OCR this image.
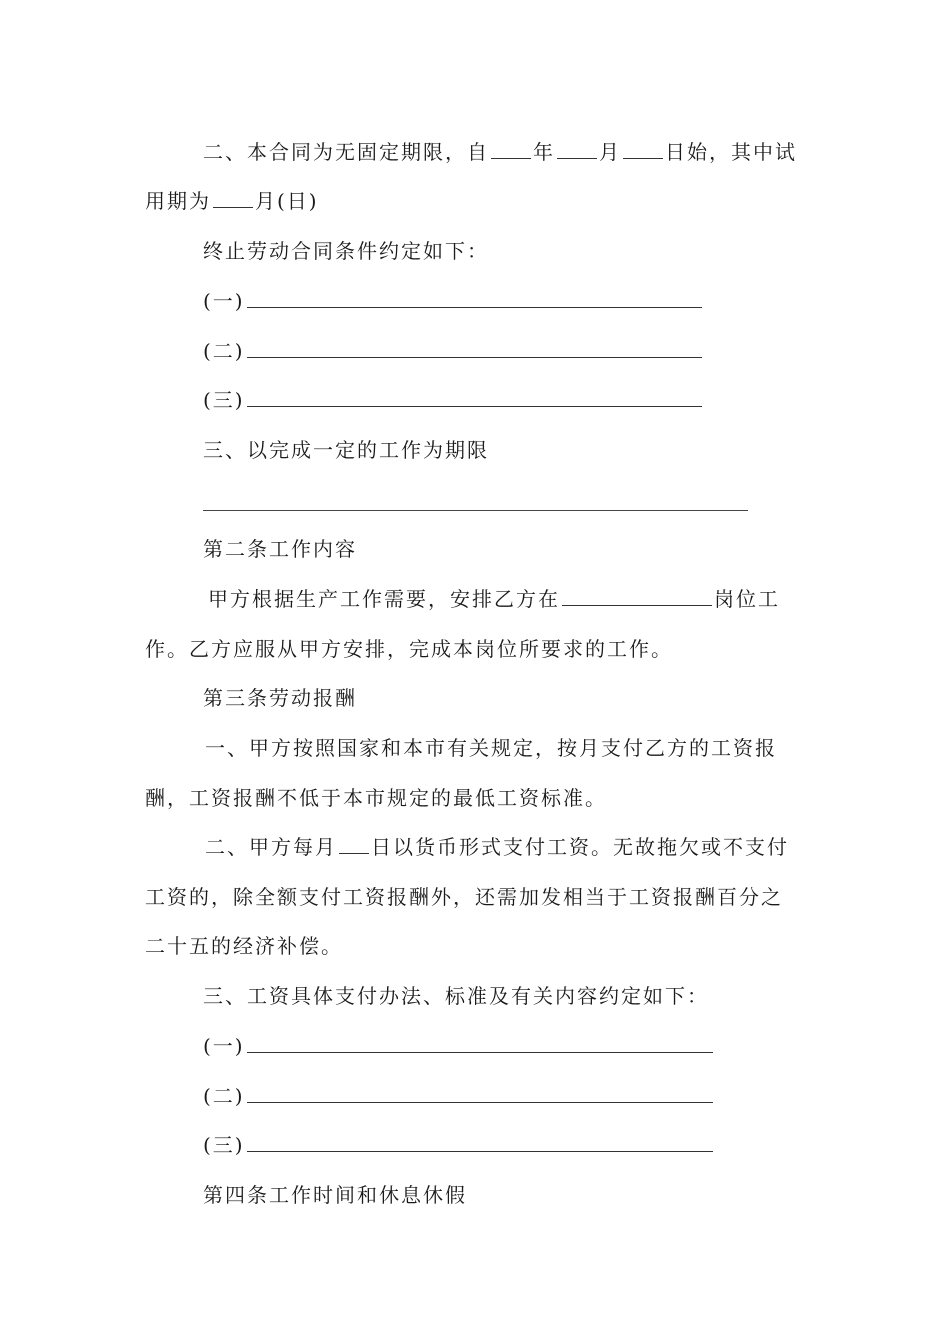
二、本合同为无固定期限，自 年 月 日始，其中试
用期为 月(日)
终止劳动合同条件约定如下：
(一)
(二)
(三)
三、以完成一定的工作为期限
第二条工作内容
甲方根据生产工作需要，安排乙方在	岗位工
作。乙方应服从甲方安排，完成本岗位所要求的工作。
第三条劳动报酬
一、甲方按照国家和本市有关规定，按月支付乙方的工资报
酬，工资报酬不低于本市规定的最低工资标准。
二、甲方每月 日以货币形式支付工资。无故拖欠或不支付
工资的，除全额支付工资报酬外，还需加发相当于工资报酬百分之
二十五的经济补偿。
三、工资具体支付办法、标准及有关内容约定如下：
(一)
(二)
(三)
第四条工作时间和休息休假
